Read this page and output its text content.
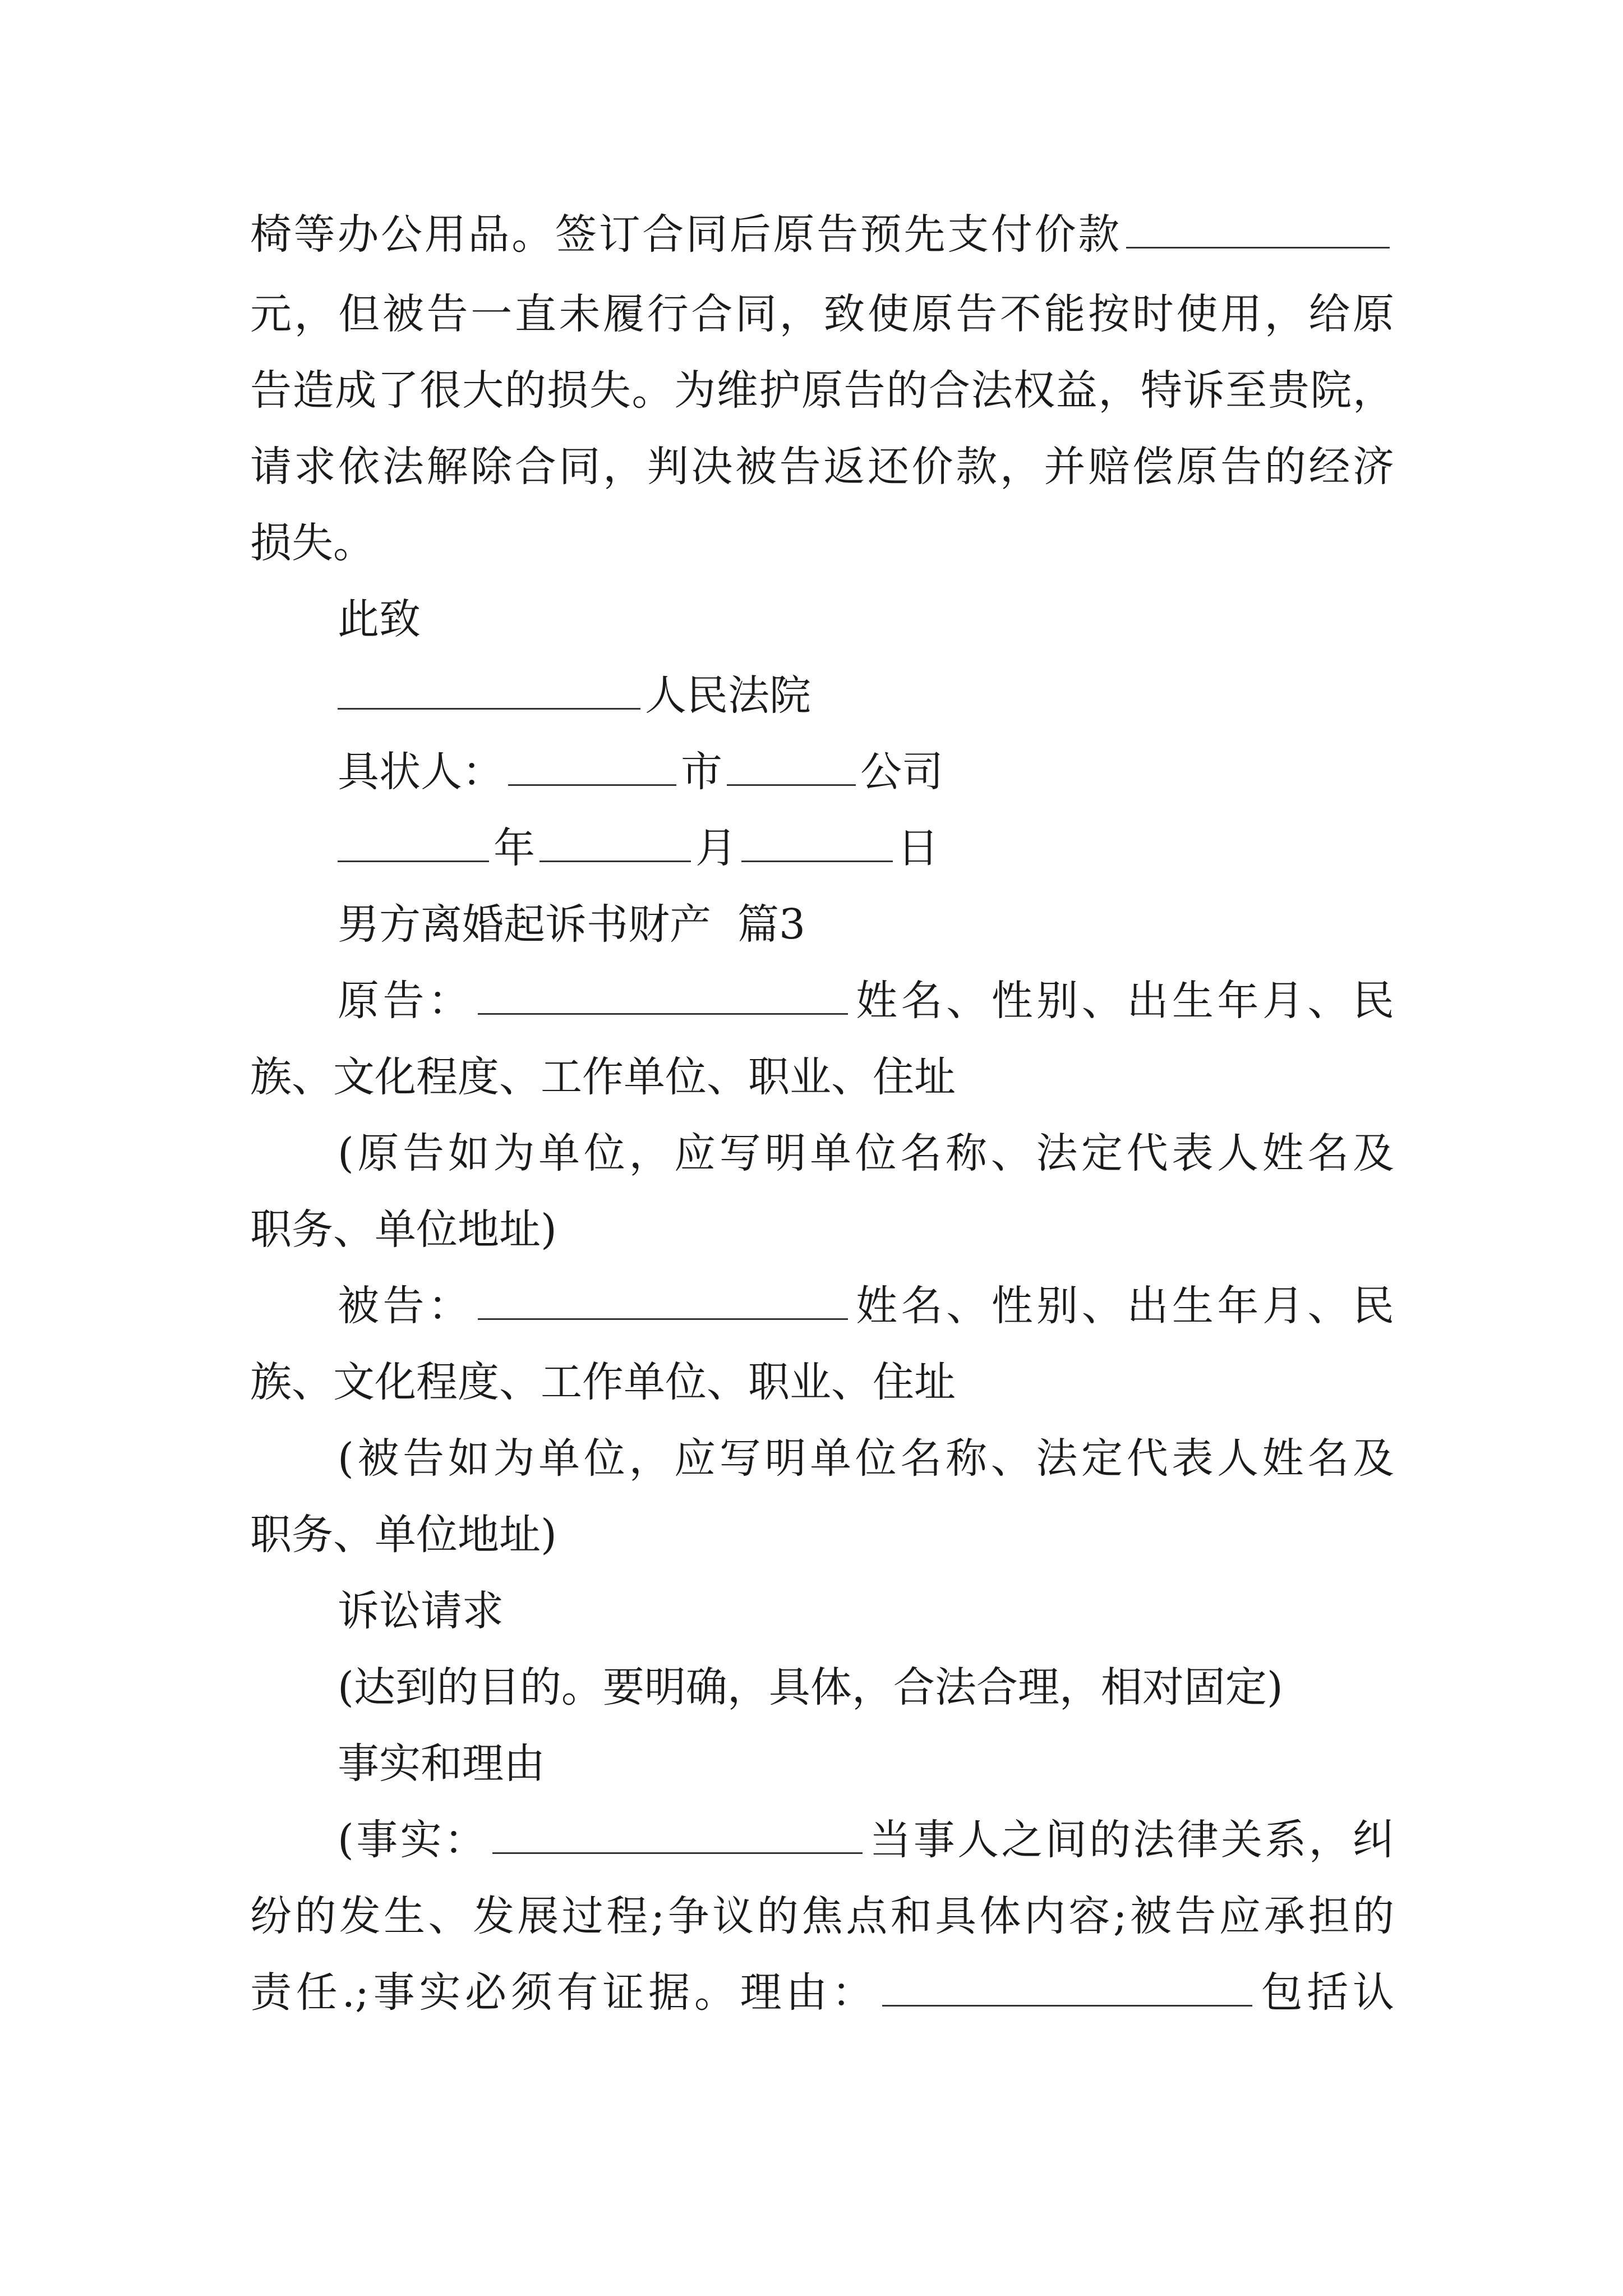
椅等办公用品。签订合同后原告预先支付价款
元，但被告一直未履行合同，致使原告不能按时使用，给原
告造成了很大的损失。为维护原告的合法权益，特诉至贵院，
请求依法解除合同，判决被告返还价款，并赔偿原告的经济
损失。
此致
人民法院
具状人：	市	公司
年	月	日
男方离婚起诉书财产  篇3
原告：	姓名、性别、出生年月、民
族、文化程度、工作单位、职业、住址
(原告如为单位，应写明单位名称、法定代表人姓名及
职务、单位地址)
被告：	姓名、性别、出生年月、民
族、文化程度、工作单位、职业、住址
(被告如为单位，应写明单位名称、法定代表人姓名及
职务、单位地址)
诉讼请求
(达到的目的。要明确，具体，合法合理，相对固定)
事实和理由
(事实：	当事人之间的法律关系，纠
纷的发生、发展过程;争议的焦点和具体内容;被告应承担的
责任.;事实必须有证据。理由：	包括认
